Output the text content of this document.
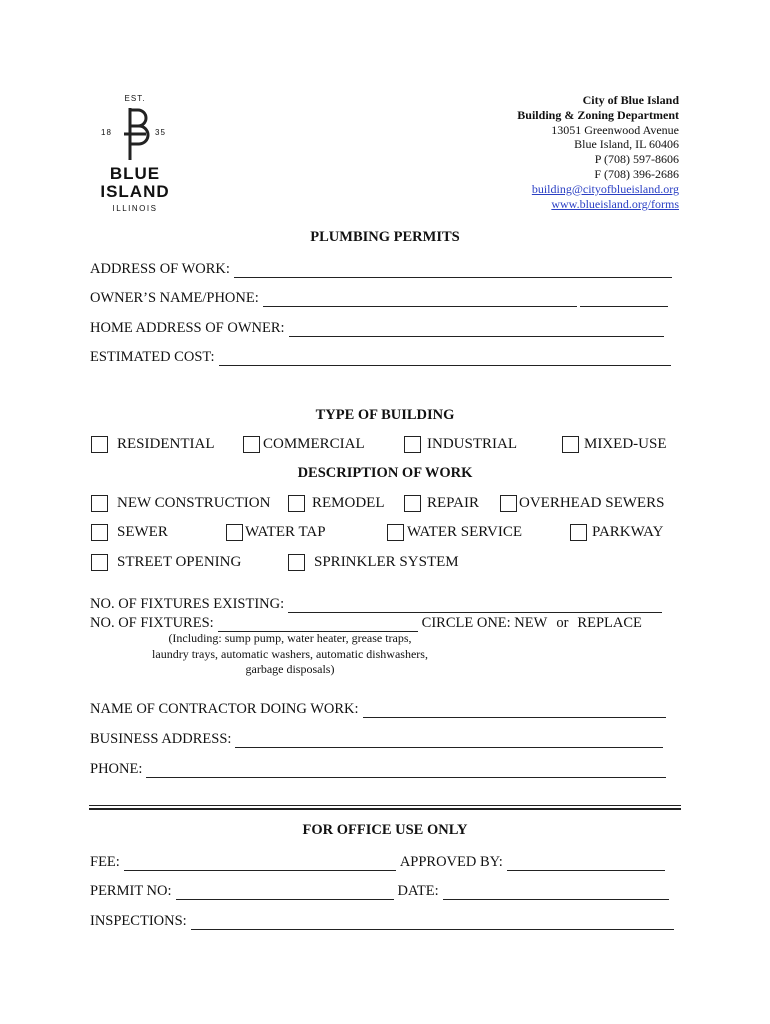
EST.
18	35
BLUE
ISLAND
ILLINOIS
City of Blue Island
Building & Zoning Department
13051 Greenwood Avenue
Blue Island, IL 60406
P (708) 597-8606
F (708) 396-2686
building@cityofblueisland.org
www.blueisland.org/forms
PLUMBING PERMITS
ADDRESS OF WORK:
OWNER’S NAME/PHONE:
HOME ADDRESS OF OWNER:
ESTIMATED COST:
TYPE OF BUILDING
RESIDENTIAL	COMMERCIAL	INDUSTRIAL	MIXED-USE
DESCRIPTION OF WORK
NEW CONSTRUCTION	REMODEL	REPAIR	OVERHEAD SEWERS
SEWER	WATER TAP	WATER SERVICE	PARKWAY
STREET OPENING	SPRINKLER SYSTEM
NO. OF FIXTURES EXISTING:
NO. OF FIXTURES:	CIRCLE ONE: NEW or REPLACE
(Including: sump pump, water heater, grease traps,
laundry trays, automatic washers, automatic dishwashers,
garbage disposals)
NAME OF CONTRACTOR DOING WORK:
BUSINESS ADDRESS:
PHONE:
FOR OFFICE USE ONLY
FEE:	APPROVED BY:
PERMIT NO:	DATE:
INSPECTIONS:
